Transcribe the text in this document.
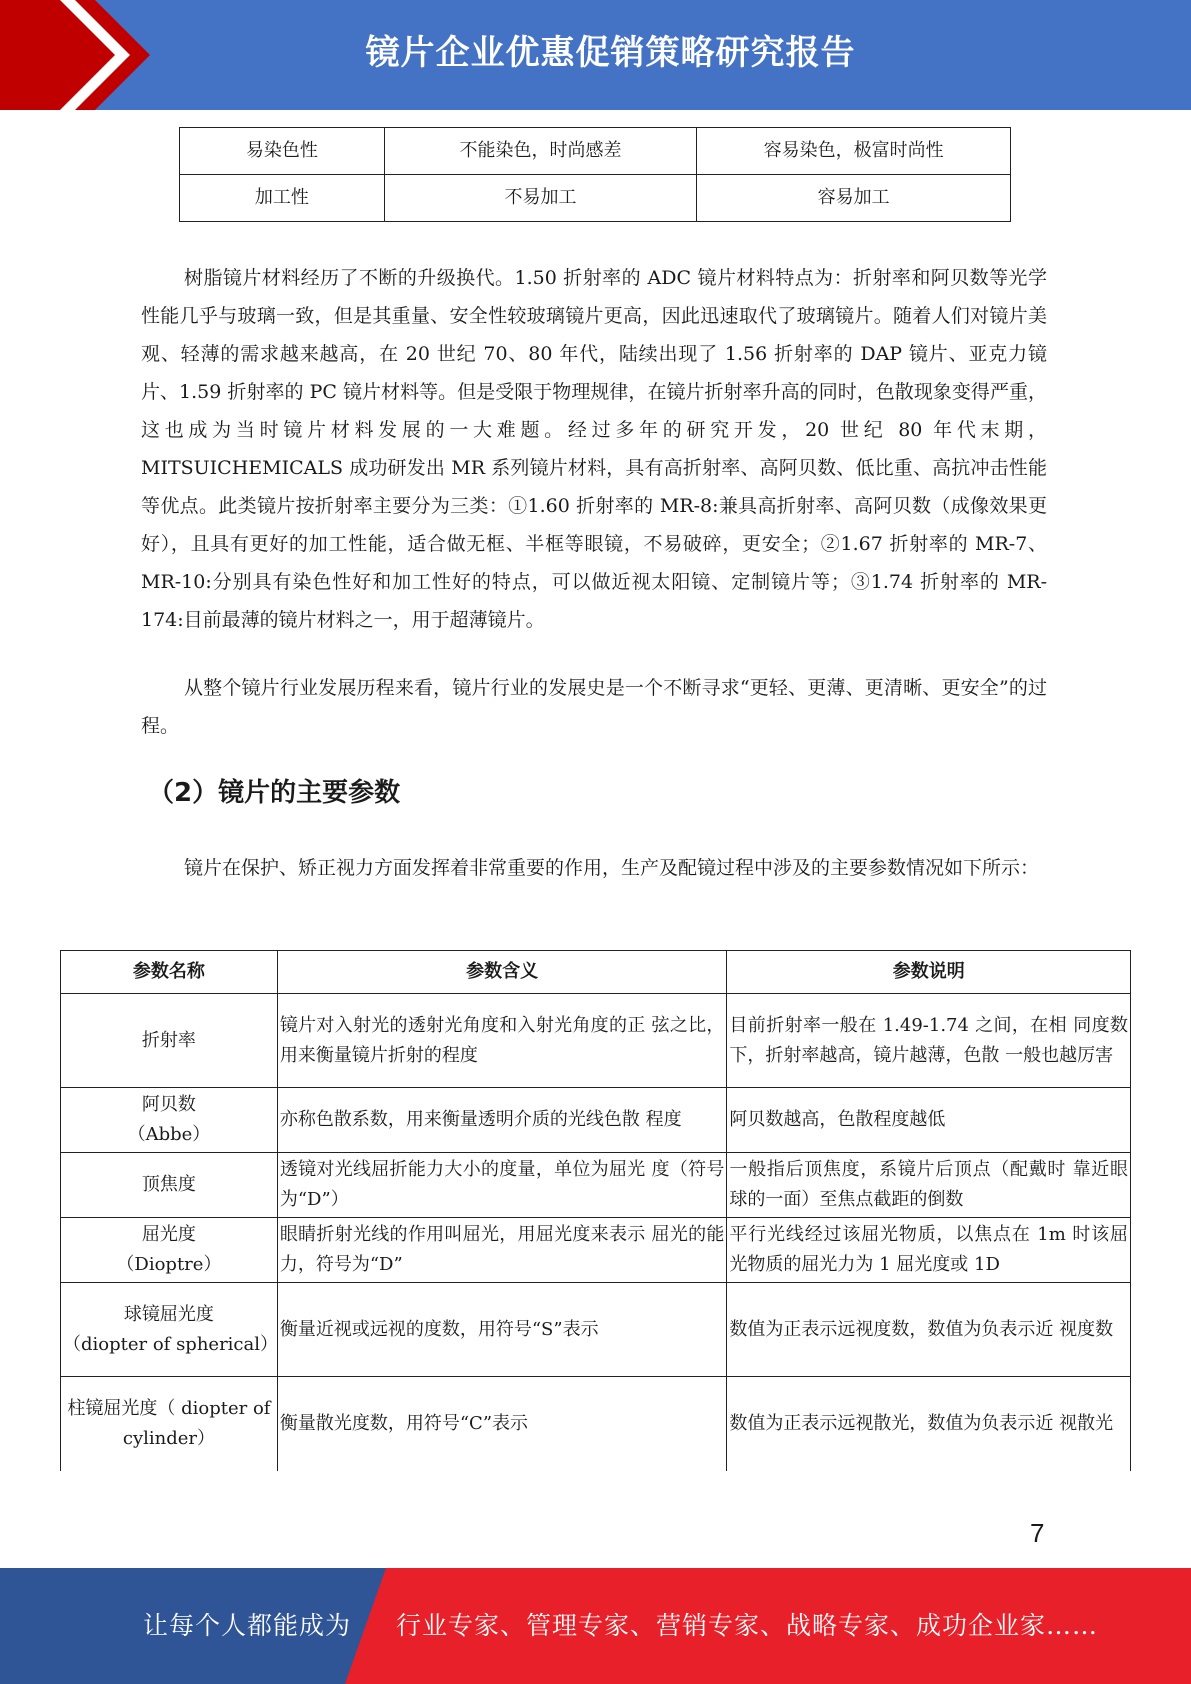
镜片企业优惠促销策略研究报告
易染色性	不能染色，时尚感差	容易染色，极富时尚性
加工性	不易加工	容易加工

树脂镜片材料经历了不断的升级换代。1.50 折射率的 ADC 镜片材料特点为：折射率和阿贝数等光学性能几乎与玻璃一致，但是其重量、安全性较玻璃镜片更高，因此迅速取代了玻璃镜片。随着人们对镜片美观、轻薄的需求越来越高，在 20 世纪 70、80 年代，陆续出现了 1.56 折射率的 DAP 镜片、亚克力镜片、1.59 折射率的 PC 镜片材料等。但是受限于物理规律，在镜片折射率升高的同时，色散现象变得严重，这也成为当时镜片材料发展的一大难题。经过多年的研究开发，20 世纪 80 年代末期，MITSUICHEMICALS 成功研发出 MR 系列镜片材料，具有高折射率、高阿贝数、低比重、高抗冲击性能等优点。此类镜片按折射率主要分为三类：①1.60 折射率的 MR-8:兼具高折射率、高阿贝数（成像效果更好），且具有更好的加工性能，适合做无框、半框等眼镜，不易破碎，更安全；②1.67 折射率的 MR-7、MR-10:分别具有染色性好和加工性好的特点，可以做近视太阳镜、定制镜片等；③1.74 折射率的 MR-174:目前最薄的镜片材料之一，用于超薄镜片。

从整个镜片行业发展历程来看，镜片行业的发展史是一个不断寻求“更轻、更薄、更清晰、更安全”的过程。

（2）镜片的主要参数

镜片在保护、矫正视力方面发挥着非常重要的作用，生产及配镜过程中涉及的主要参数情况如下所示：

参数名称	参数含义	参数说明
折射率	镜片对入射光的透射光角度和入射光角度的正 弦之比，用来衡量镜片折射的程度	目前折射率一般在 1.49-1.74 之间，在相 同度数下，折射率越高，镜片越薄，色散 一般也越厉害

阿贝数
（Abbe）	亦称色散系数，用来衡量透明介质的光线色散 程度	阿贝数越高，色散程度越低
顶焦度	透镜对光线屈折能力大小的度量，单位为屈光 度（符号为“D”）	一般指后顶焦度，系镜片后顶点（配戴时 靠近眼球的一面）至焦点截距的倒数

屈光度
（Dioptre）	眼睛折射光线的作用叫屈光，用屈光度来表示 屈光的能力，符号为“D”	平行光线经过该屈光物质，以焦点在 1m 时该屈光物质的屈光力为 1 屈光度或 1D

球镜屈光度
（diopter of spherical）	衡量近视或远视的度数，用符号“S”表示	数值为正表示远视度数，数值为负表示近 视度数

柱镜屈光度（ diopter of
cylinder）	衡量散光度数，用符号“C”表示	数值为正表示远视散光，数值为负表示近 视散光
7
让每个人都能成为 行业专家、管理专家、营销专家、战略专家、成功企业家……
